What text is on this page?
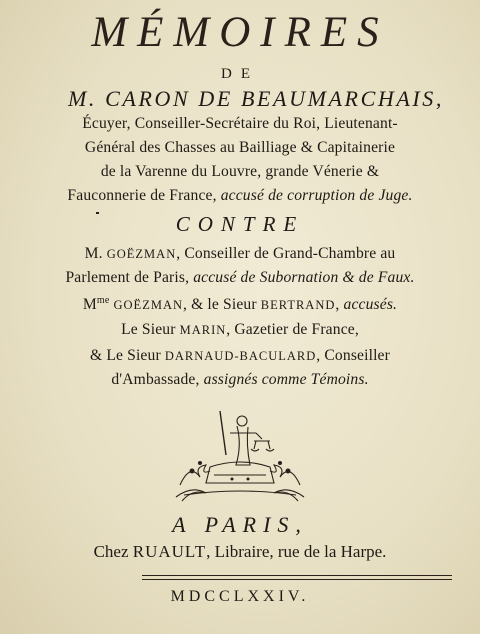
MÉMOIRES
DE
M. CARON DE BEAUMARCHAIS,
Écuyer, Conseiller-Secrétaire du Roi, Lieutenant-
Général des Chasses au Bailliage & Capitainerie
de la Varenne du Louvre, grande Vénerie &
Fauconnerie de France, accusé de corruption de Juge.
CONTRE
M. GOËZMAN, Conseiller de Grand-Chambre au
Parlement de Paris, accusé de Subornation & de Faux.
$M^{me}$ GOËZMAN, & le Sieur BERTRAND, accusés.
Le Sieur MARIN, Gazetier de France,
& Le Sieur DARNAUD-BACULARD, Conseiller
d'Ambassade, assignés comme Témoins.
A PARIS,
Chez RUAULT, Libraire, rue de la Harpe.
MDCCLXXIV.
